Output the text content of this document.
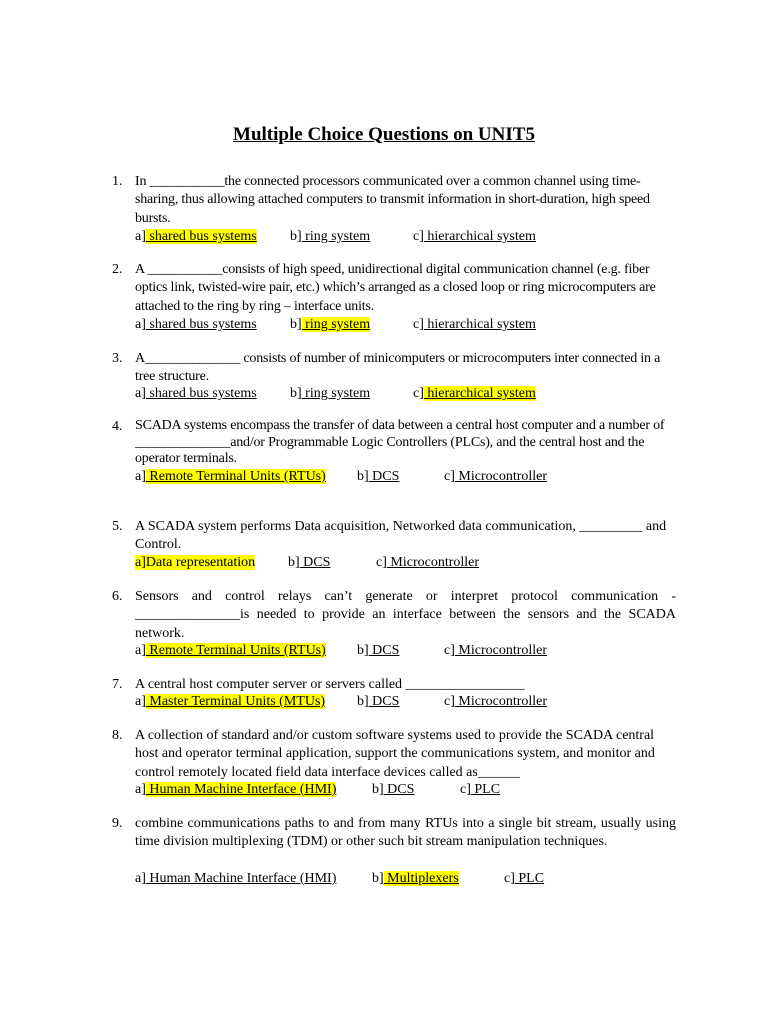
Multiple Choice Questions on UNIT5
1. In ___________the connected processors communicated over a common channel using time-sharing, thus allowing attached computers to transmit information in short-duration, high speed bursts.
a] shared bus systems b] ring system	c] hierarchical system
2. A ___________consists of high speed, unidirectional digital communication channel (e.g. fiber optics link, twisted-wire pair, etc.) which’s arranged as a closed loop or ring microcomputers are attached to the ring by ring – interface units.
a] shared bus systems b] ring system	c] hierarchical system
3. A______________ consists of number of minicomputers or microcomputers inter connected in a tree structure.
a] shared bus systems b] ring system	c] hierarchical system
4. SCADA systems encompass the transfer of data between a central host computer and a number of ______________and/or Programmable Logic Controllers (PLCs), and the central host and the operator terminals.
a] Remote Terminal Units (RTUs) b] DCS	c] Microcontroller
5. A SCADA system performs Data acquisition, Networked data communication, _________ and Control.
a]Data representation b] DCS	c] Microcontroller
6. Sensors and control relays can’t generate or interpret protocol communication -_______________is needed to provide an interface between the sensors and the SCADA network.
a] Remote Terminal Units (RTUs) b] DCS	c] Microcontroller
7. A central host computer server or servers called _________________
a] Master Terminal Units (MTUs) b] DCS	c] Microcontroller
8. A collection of standard and/or custom software systems used to provide the SCADA central host and operator terminal application, support the communications system, and monitor and control remotely located field data interface devices called as______
a] Human Machine Interface (HMI)	b] DCS	c] PLC
9. combine communications paths to and from many RTUs into a single bit stream, usually using time division multiplexing (TDM) or other such bit stream manipulation techniques.
a] Human Machine Interface (HMI)	b] Multiplexers	c] PLC
